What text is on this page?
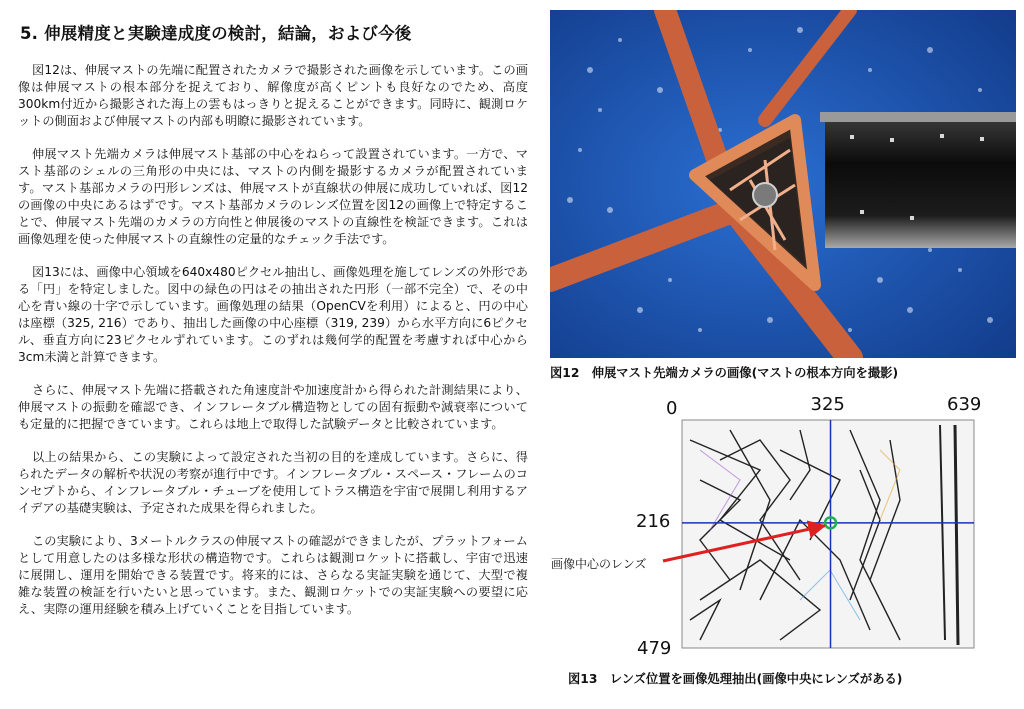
5. 伸展精度と実験達成度の検討，結論，および今後

図12は、伸展マストの先端に配置されたカメラで撮影された画像を示しています。この画像は伸展マストの根本部分を捉えており、解像度が高くピントも良好なのでため、高度300km付近から撮影された海上の雲もはっきりと捉えることができます。同時に、観測ロケットの側面および伸展マストの内部も明瞭に撮影されています。

伸展マスト先端カメラは伸展マスト基部の中心をねらって設置されています。一方で、マスト基部のシェルの三角形の中央には、マストの内側を撮影するカメラが配置されています。マスト基部カメラの円形レンズは、伸展マストが直線状の伸展に成功していれば、図12の画像の中央にあるはずです。マスト基部カメラのレンズ位置を図12の画像上で特定することで、伸展マスト先端のカメラの方向性と伸展後のマストの直線性を検証できます。これは画像処理を使った伸展マストの直線性の定量的なチェック手法です。

図13には、画像中心領域を640x480ピクセル抽出し、画像処理を施してレンズの外形である「円」を特定しました。図中の緑色の円はその抽出された円形（一部不完全）で、その中心を青い線の十字で示しています。画像処理の結果（OpenCVを利用）によると、円の中心は座標（325, 216）であり、抽出した画像の中心座標（319, 239）から水平方向に6ピクセル、垂直方向に23ピクセルずれています。このずれは幾何学的配置を考慮すれば中心から3cm未満と計算できます。

さらに、伸展マスト先端に搭載された角速度計や加速度計から得られた計測結果により、伸展マストの振動を確認でき、インフレータブル構造物としての固有振動や減衰率についても定量的に把握できています。これらは地上で取得した試験データと比較されています。

以上の結果から、この実験によって設定された当初の目的を達成しています。さらに、得られたデータの解析や状況の考察が進行中です。インフレータブル・スペース・フレームのコンセプトから、インフレータブル・チューブを使用してトラス構造を宇宙で展開し利用するアイデアの基礎実験は、予定された成果を得られました。

この実験により、3メートルクラスの伸展マストの確認ができましたが、プラットフォームとして用意したのは多様な形状の構造物です。これらは観測ロケットに搭載し、宇宙で迅速に展開し、運用を開始できる装置です。将来的には、さらなる実証実験を通じて、大型で複雑な装置の検証を行いたいと思っています。また、観測ロケットでの実証実験への要望に応え、実際の運用経験を積み上げていくことを目指しています。

図12　伸展マスト先端カメラの画像(マストの根本方向を撮影)
図13　レンズ位置を画像処理抽出(画像中央にレンズがある)
画像中心のレンズ
0	325	639
216
479
